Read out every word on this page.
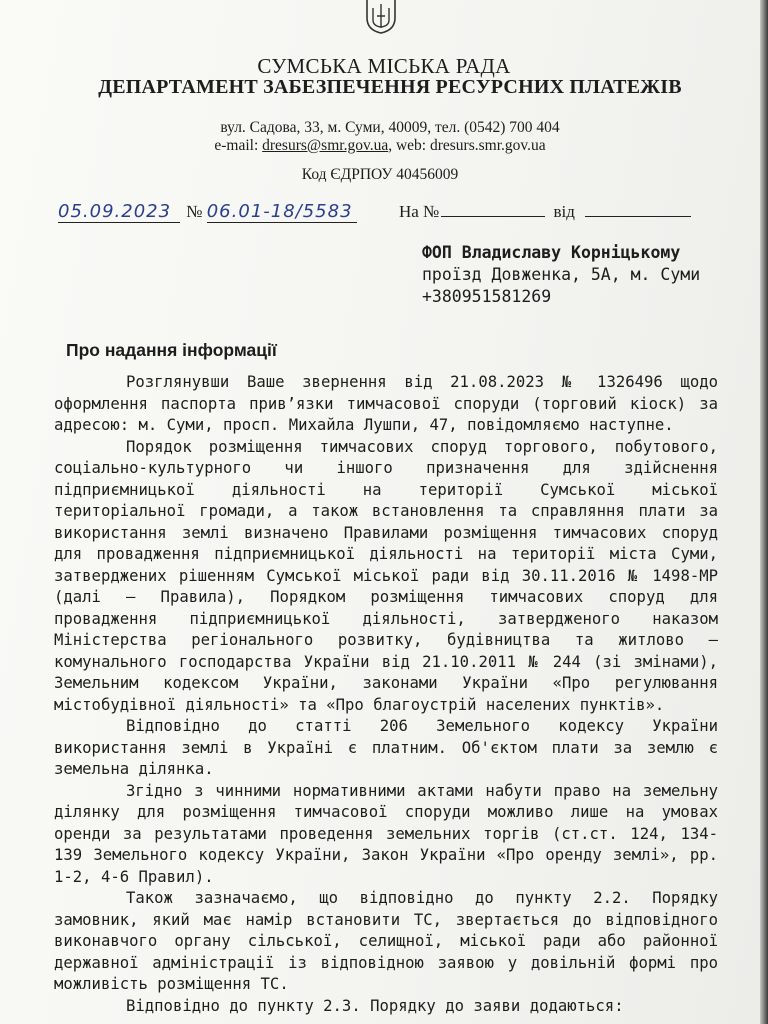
СУМСЬКА МІСЬКА РАДА
ДЕПАРТАМЕНТ ЗАБЕЗПЕЧЕННЯ РЕСУРСНИХ ПЛАТЕЖІВ
вул. Садова, 33, м. Суми, 40009, тел. (0542) 700 404
e-mail: dresurs@smr.gov.ua, web: dresurs.smr.gov.ua
Код ЄДРПОУ 40456009
05.09.2023 № 06.01-18/5583	На №	від
ФОП Владиславу Корніцькому
проїзд Довженка, 5А, м. Суми
+380951581269
Про надання інформації

Розглянувши Ваше звернення від 21.08.2023 № 1326496 щодо оформлення паспорта прив’язки тимчасової споруди (торговий кіоск) за адресою: м. Суми, просп. Михайла Лушпи, 47, повідомляємо наступне.

Порядок розміщення тимчасових споруд торгового, побутового, соціально-культурного чи іншого призначення для здійснення підприємницької діяльності на території Сумської міської територіальної громади, а також встановлення та справляння плати за використання землі визначено Правилами розміщення тимчасових споруд для провадження підприємницької діяльності на території міста Суми, затверджених рішенням Сумської міської ради від 30.11.2016 № 1498-МР (далі – Правила), Порядком розміщення тимчасових споруд для провадження підприємницької діяльності, затвердженого наказом Міністерства регіонального розвитку, будівництва та житлово – комунального господарства України від 21.10.2011 № 244 (зі змінами), Земельним кодексом України, законами України «Про регулювання містобудівної діяльності» та «Про благоустрій населених пунктів».

Відповідно до статті 206 Земельного кодексу України використання землі в Україні є платним. Об'єктом плати за землю є земельна ділянка.

Згідно з чинними нормативними актами набути право на земельну ділянку для розміщення тимчасової споруди можливо лише на умовах оренди за результатами проведення земельних торгів (ст.ст. 124, 134-139 Земельного кодексу України, Закон України «Про оренду землі», рр. 1-2, 4-6 Правил).

Також зазначаємо, що відповідно до пункту 2.2. Порядку замовник, який має намір встановити ТС, звертається до відповідного виконавчого органу сільської, селищної, міської ради або районної державної адміністрації із відповідною заявою у довільній формі про можливість розміщення ТС.

Відповідно до пункту 2.3. Порядку до заяви додаються:
